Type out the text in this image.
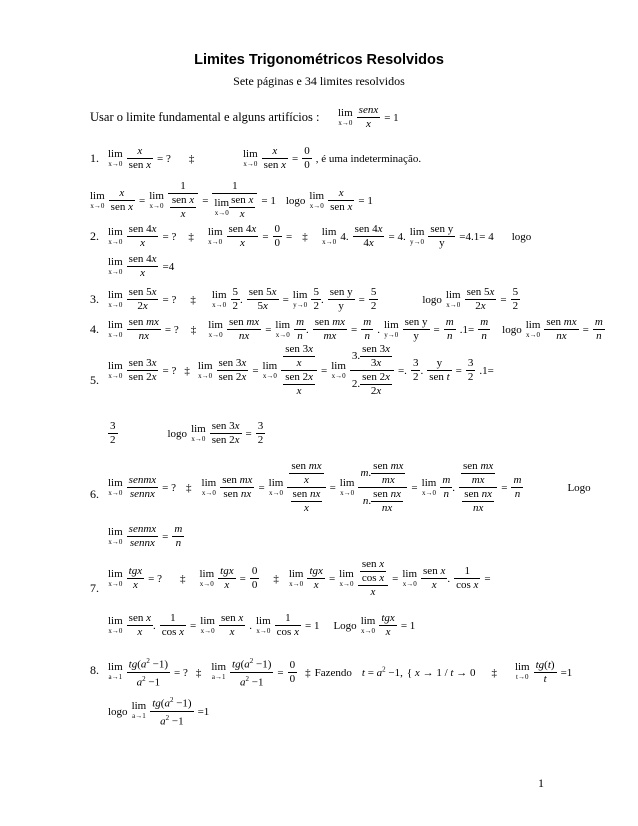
Limites Trigonométricos Resolvidos
Sete páginas e 34 limites resolvidos
Usar o limite fundamental e alguns artifícios : lim
x→0
$\frac{\text{senx}}{x} = 1$
1. lim
x→0
$\frac{x}{\text{sen x}}$ = ? ‡	lim
x→0
$\frac{x}{\text{sen x}} = \frac{0}{0}$ , é uma indeterminação.
lim
x→0
$\frac{x}{\text{sen x}} = \lim$
x→0
$\frac{1}{\frac{\text{sen x}}{x}} = 1$
lim
$x\to 0 \frac{\text{sen x}}{x} = 1$ logo lim
x→0
$\frac{x}{\text{sen x}} = 1$
2. lim
x→0
$\frac{\text{sen 4x}}{x}$ = ? ‡ lim
x→0
$\frac{\text{sen 4x}}{x} = \frac{0}{0}$ = ‡ lim
x→0 4. $\frac{\text{sen 4x}}{4x} = 4$. lim
y→0
$\frac{\text{sen y}}{y} =4.1= 4$ logo
lim
x→0
$\frac{\text{sen 4x}}{x} =4$
3. lim
x→0
$\frac{\text{sen 5x}}{2x}$ = ? ‡ lim
x→0
$\frac{5}{2}$ . $\frac{\text{sen 5x}}{5x} = \lim$
y→0
$\frac{5}{2}$ . $\frac{\text{sen y}}{y} = \frac{5}{2}$	logo lim
x→0
$\frac{\text{sen 5x}}{2x} = \frac{5}{2}$
4. lim
x→0
$\frac{\text{sen mx}}{nx}$ = ? ‡ lim
x→0
$\frac{\text{sen mx}}{nx} = \lim$
x→0
$\frac{m}{n}$ . $\frac{\text{sen mx}}{mx} = \frac{m}{n}$ . lim
y→0
$\frac{\text{sen y}}{y} = \frac{m}{n} .1= \frac{m}{n}$ logo lim
x→0
$\frac{\text{sen mx}}{nx} = \frac{m}{n}$
5.
lim
x→0
$\frac{\text{sen 3x}}{\text{sen 2x}}$ = ? ‡ lim
x→0
$\frac{\text{sen 3x}}{\text{sen 2x}} = \lim$
x→0
$\frac{\frac{\text{sen 3x}}{x}}{\frac{\text{sen 2x}}{x}} = \lim$
x→0
$\frac{3. \frac{\text{sen 3x}}{3x}}{2. \frac{\text{sen 2x}}{2x}}$ =. $\frac{3}{2}$ . $\frac{y}{\text{sen t}} = \frac{3}{2} .1=$
$\frac{3}{2}$	logo lim
x→0
$\frac{\text{sen 3x}}{\text{sen 2x}} = \frac{3}{2}$
6.
lim
x→0
$\frac{\text{senmx}}{\text{sennx}}$ = ? ‡ lim
x→0
$\frac{\text{sen mx}}{\text{sen nx}} = \lim$
x→0
$\frac{\frac{\text{sen mx}}{x}}{\frac{\text{sen nx}}{x}} = \lim$
x→0
$\frac{m. \frac{\text{sen mx}}{mx}}{n. \frac{\text{sen nx}}{nx}} = \lim$
x→0
$\frac{m}{n}$ . $\frac{\frac{\text{sen mx}}{mx}}{\frac{\text{sen nx}}{nx}} = \frac{m}{n}$	Logo
lim
x→0
$\frac{\text{senmx}}{\text{sennx}} = \frac{m}{n}$
7.
lim
x→0
$\frac{\text{tgx}}{x}$ = ? ‡ lim
x→0
$\frac{\text{tgx}}{x} = \frac{0}{0}$ ‡ lim
x→0
$\frac{\text{tgx}}{x} = \lim$
x→0
$\frac{\frac{\text{sen x}}{\text{cos x}}}{x} = \lim$
x→0
$\frac{\text{sen x}}{x}$ . $\frac{1}{\text{cos x}}$ =
lim
x→0
$\frac{\text{sen x}}{x}$ . $\frac{1}{\text{cos x}} = \lim$
x→0
$\frac{\text{sen x}}{x}$ . lim
x→0
$\frac{1}{\text{cos x}} = 1$ Logo lim
x→0
$\frac{\text{tgx}}{x} = 1$
8. lim
a→1
$\frac{tg(a^2 -1)}{a^2 -1}$ = ? ‡ lim
a→1
$\frac{tg(a^2 -1)}{a^2 -1} = \frac{0}{0}$ ‡ Fazendo $t = a^2 -1$, { x → 1 / t → 0 ‡ lim
t→0
$\frac{tg(t)}{t} =1$
logo lim
a→1
$\frac{tg(a^2 -1)}{a^2 -1} =1$
1
